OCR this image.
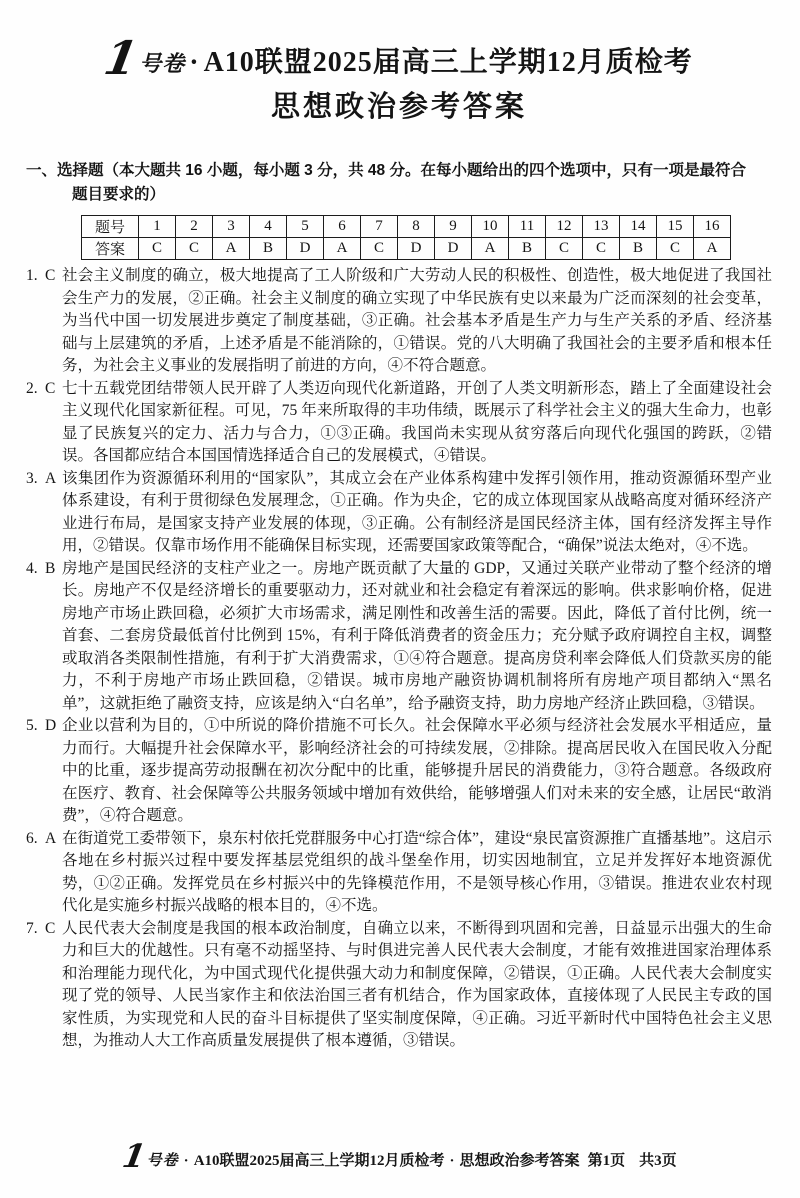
1号卷 · A10联盟2025届高三上学期12月质检考
思想政治参考答案
一、选择题（本大题共 16 小题，每小题 3 分，共 48 分。在每小题给出的四个选项中，只有一项是最符合
题目要求的）
题号	1	2	3	4	5	6	7	8	9	10	11	12	13	14	15	16
答案	C	C	A	B	D	A	C	D	D	A	B	C	C	B	C	A
1. C 社会主义制度的确立，极大地提高了工人阶级和广大劳动人民的积极性、创造性，极大地促进了我国社会生产力的发展，②正确。社会主义制度的确立实现了中华民族有史以来最为广泛而深刻的社会变革，为当代中国一切发展进步奠定了制度基础，③正确。社会基本矛盾是生产力与生产关系的矛盾、经济基础与上层建筑的矛盾，上述矛盾是不能消除的，①错误。党的八大明确了我国社会的主要矛盾和根本任务，为社会主义事业的发展指明了前进的方向，④不符合题意。
2. C 七十五载党团结带领人民开辟了人类迈向现代化新道路，开创了人类文明新形态，踏上了全面建设社会主义现代化国家新征程。可见，75 年来所取得的丰功伟绩，既展示了科学社会主义的强大生命力，也彰显了民族复兴的定力、活力与合力，①③正确。我国尚未实现从贫穷落后向现代化强国的跨跃，②错误。各国都应结合本国国情选择适合自己的发展模式，④错误。
3. A 该集团作为资源循环利用的“国家队”，其成立会在产业体系构建中发挥引领作用，推动资源循环型产业体系建设，有利于贯彻绿色发展理念，①正确。作为央企，它的成立体现国家从战略高度对循环经济产业进行布局，是国家支持产业发展的体现，③正确。公有制经济是国民经济主体，国有经济发挥主导作用，②错误。仅靠市场作用不能确保目标实现，还需要国家政策等配合，“确保”说法太绝对，④不选。
4. B 房地产是国民经济的支柱产业之一。房地产既贡献了大量的 GDP，又通过关联产业带动了整个经济的增长。房地产不仅是经济增长的重要驱动力，还对就业和社会稳定有着深远的影响。供求影响价格，促进房地产市场止跌回稳，必须扩大市场需求，满足刚性和改善生活的需要。因此，降低了首付比例，统一首套、二套房贷最低首付比例到 15%，有利于降低消费者的资金压力；充分赋予政府调控自主权，调整或取消各类限制性措施，有利于扩大消费需求，①④符合题意。提高房贷利率会降低人们贷款买房的能力，不利于房地产市场止跌回稳，②错误。城市房地产融资协调机制将所有房地产项目都纳入“黑名单”，这就拒绝了融资支持，应该是纳入“白名单”，给予融资支持，助力房地产经济止跌回稳，③错误。
5. D 企业以营利为目的，①中所说的降价措施不可长久。社会保障水平必须与经济社会发展水平相适应，量力而行。大幅提升社会保障水平，影响经济社会的可持续发展，②排除。提高居民收入在国民收入分配中的比重，逐步提高劳动报酬在初次分配中的比重，能够提升居民的消费能力，③符合题意。各级政府在医疗、教育、社会保障等公共服务领域中增加有效供给，能够增强人们对未来的安全感，让居民“敢消费”，④符合题意。
6. A 在街道党工委带领下，泉东村依托党群服务中心打造“综合体”，建设“泉民富资源推广直播基地”。这启示各地在乡村振兴过程中要发挥基层党组织的战斗堡垒作用，切实因地制宜，立足并发挥好本地资源优势，①②正确。发挥党员在乡村振兴中的先锋模范作用，不是领导核心作用，③错误。推进农业农村现代化是实施乡村振兴战略的根本目的，④不选。
7. C 人民代表大会制度是我国的根本政治制度，自确立以来，不断得到巩固和完善，日益显示出强大的生命力和巨大的优越性。只有毫不动摇坚持、与时俱进完善人民代表大会制度，才能有效推进国家治理体系和治理能力现代化，为中国式现代化提供强大动力和制度保障，②错误，①正确。人民代表大会制度实现了党的领导、人民当家作主和依法治国三者有机结合，作为国家政体，直接体现了人民民主专政的国家性质，为实现党和人民的奋斗目标提供了坚实制度保障，④正确。习近平新时代中国特色社会主义思想，为推动人大工作高质量发展提供了根本遵循，③错误。
1号卷 · A10联盟2025届高三上学期12月质检考 · 思想政治参考答案 第1页 共3页
